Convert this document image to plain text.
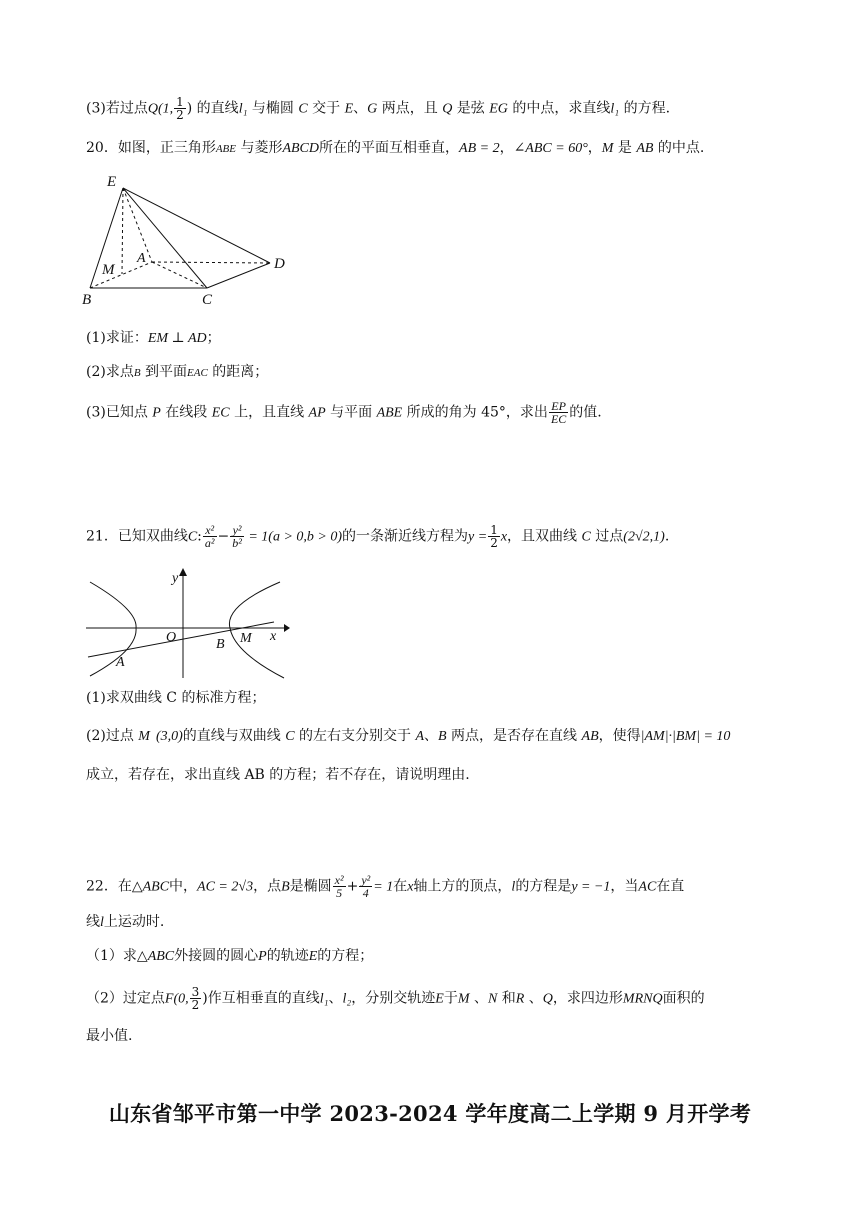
(3)若过点Q(1, $\frac{1}{2}$ ) 的直线l₁ 与椭圆 C 交于 E、G 两点，且 Q 是弦 EG 的中点，求直线l₁ 的方程.
20．如图，正三角形ABE 与菱形ABCD所在的平面互相垂直，AB = 2，∠ABC = 60°，M 是 AB 的中点.
E
A
M
B	C
D
(1)求证：EM ⊥ AD；
(2)求点B 到平面EAC 的距离；
(3)已知点 P 在线段 EC 上，且直线 AP 与平面 ABE 所成的角为 45°，求出 $\frac{EP}{EC}$ 的值.
21．已知双曲线C: $\frac{\text{x²}}{\text{a²}} - \frac{\text{y²}}{\text{b²}} = 1(a > 0,b > 0)$的一条渐近线方程为$y = \frac{1}{2}$ x，且双曲线 C 过点(2√2,1).
y
x
O
A
B M
(1)求双曲线 C 的标准方程；
(2)过点 M (3,0)的直线与双曲线 C 的左右支分别交于 A、B 两点，是否存在直线 AB，使得|AM|·|BM| = 10
成立，若存在，求出直线 AB 的方程；若不存在，请说明理由.
22．在△ABC中，AC = 2√3，点B是椭圆 $\frac{\text{x²}}{5} + \frac{\text{y²}}{4} = 1$在x轴上方的顶点，l的方程是y = −1，当AC在直
线l上运动时.
（1）求△ABC外接圆的圆心P的轨迹E的方程；
（2）过定点F(0, $\frac{3}{2}$ )作互相垂直的直线l₁、l₂，分别交轨迹E于M 、N 和R 、Q，求四边形MRNQ面积的
最小值.
山东省邹平市第一中学 2023-2024 学年度高二上学期 9 月开学考
